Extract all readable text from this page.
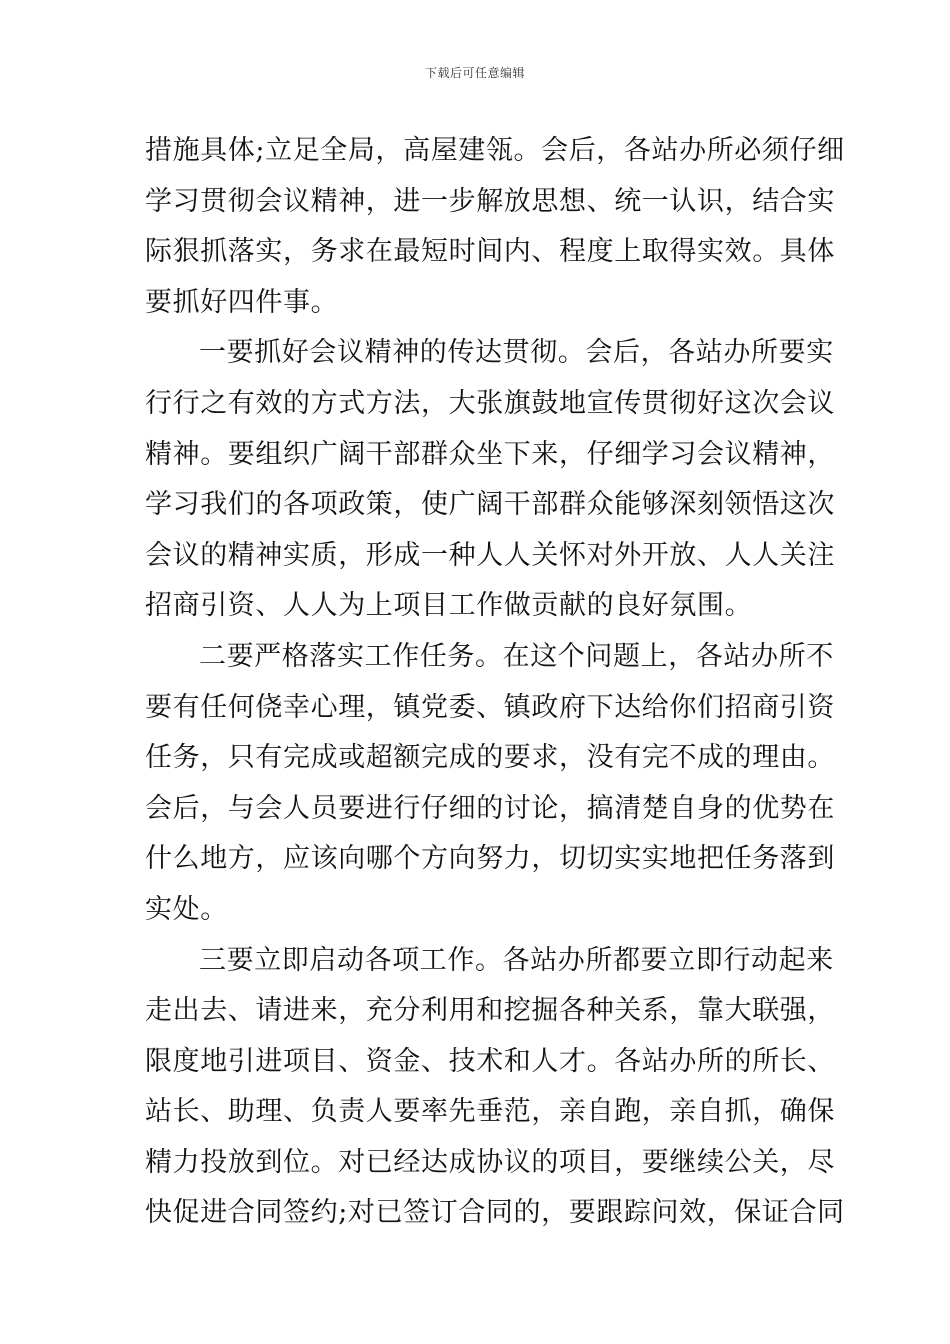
下载后可任意编辑
措施具体;立足全局，高屋建瓴。会后，各站办所必须仔细
学习贯彻会议精神，进一步解放思想、统一认识，结合实
际狠抓落实，务求在最短时间内、程度上取得实效。具体
要抓好四件事。
一要抓好会议精神的传达贯彻。会后，各站办所要实
行行之有效的方式方法，大张旗鼓地宣传贯彻好这次会议
精神。要组织广阔干部群众坐下来，仔细学习会议精神，
学习我们的各项政策，使广阔干部群众能够深刻领悟这次
会议的精神实质，形成一种人人关怀对外开放、人人关注
招商引资、人人为上项目工作做贡献的良好氛围。
二要严格落实工作任务。在这个问题上，各站办所不
要有任何侥幸心理，镇党委、镇政府下达给你们招商引资
任务，只有完成或超额完成的要求，没有完不成的理由。
会后，与会人员要进行仔细的讨论，搞清楚自身的优势在
什么地方，应该向哪个方向努力，切切实实地把任务落到
实处。
三要立即启动各项工作。各站办所都要立即行动起来
走出去、请进来，充分利用和挖掘各种关系，靠大联强，
限度地引进项目、资金、技术和人才。各站办所的所长、
站长、助理、负责人要率先垂范，亲自跑，亲自抓，确保
精力投放到位。对已经达成协议的项目，要继续公关，尽
快促进合同签约;对已签订合同的，要跟踪问效，保证合同
